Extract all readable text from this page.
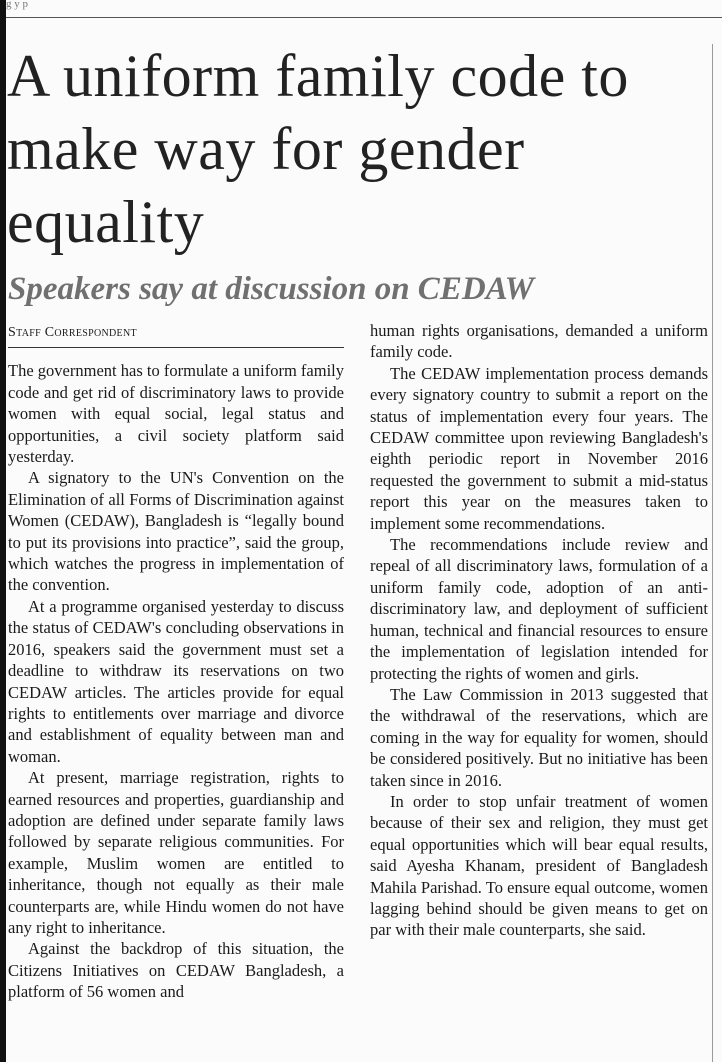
g y p
A uniform family code to make way for gender equality
Speakers say at discussion on CEDAW
Staff Correspondent

The government has to formulate a uniform family code and get rid of discriminatory laws to provide women with equal social, legal status and opportunities, a civil society platform said yesterday.

A signatory to the UN's Convention on the Elimination of all Forms of Discrimination against Women (CEDAW), Bangladesh is “legally bound to put its provisions into practice”, said the group, which watches the progress in implementation of the convention.

At a programme organised yesterday to discuss the status of CEDAW's concluding observations in 2016, speakers said the government must set a deadline to withdraw its reservations on two CEDAW articles. The articles provide for equal rights to entitlements over marriage and divorce and establishment of equality between man and woman.

At present, marriage registration, rights to earned resources and properties, guardianship and adoption are defined under separate family laws followed by separate religious communities. For example, Muslim women are entitled to inheritance, though not equally as their male counterparts are, while Hindu women do not have any right to inheritance.

Against the backdrop of this situation, the Citizens Initiatives on CEDAW Bangladesh, a platform of 56 women and

human rights organisations, demanded a uniform family code.

The CEDAW implementation process demands every signatory country to submit a report on the status of implementation every four years. The CEDAW committee upon reviewing Bangladesh's eighth periodic report in November 2016 requested the government to submit a mid-status report this year on the measures taken to implement some recommendations.

The recommendations include review and repeal of all discriminatory laws, formulation of a uniform family code, adoption of an anti-discriminatory law, and deployment of sufficient human, technical and financial resources to ensure the implementation of legislation intended for protecting the rights of women and girls.

The Law Commission in 2013 suggested that the withdrawal of the reservations, which are coming in the way for equality for women, should be considered positively. But no initiative has been taken since in 2016.

In order to stop unfair treatment of women because of their sex and religion, they must get equal opportunities which will bear equal results, said Ayesha Khanam, president of Bangladesh Mahila Parishad. To ensure equal outcome, women lagging behind should be given means to get on par with their male counterparts, she said.
